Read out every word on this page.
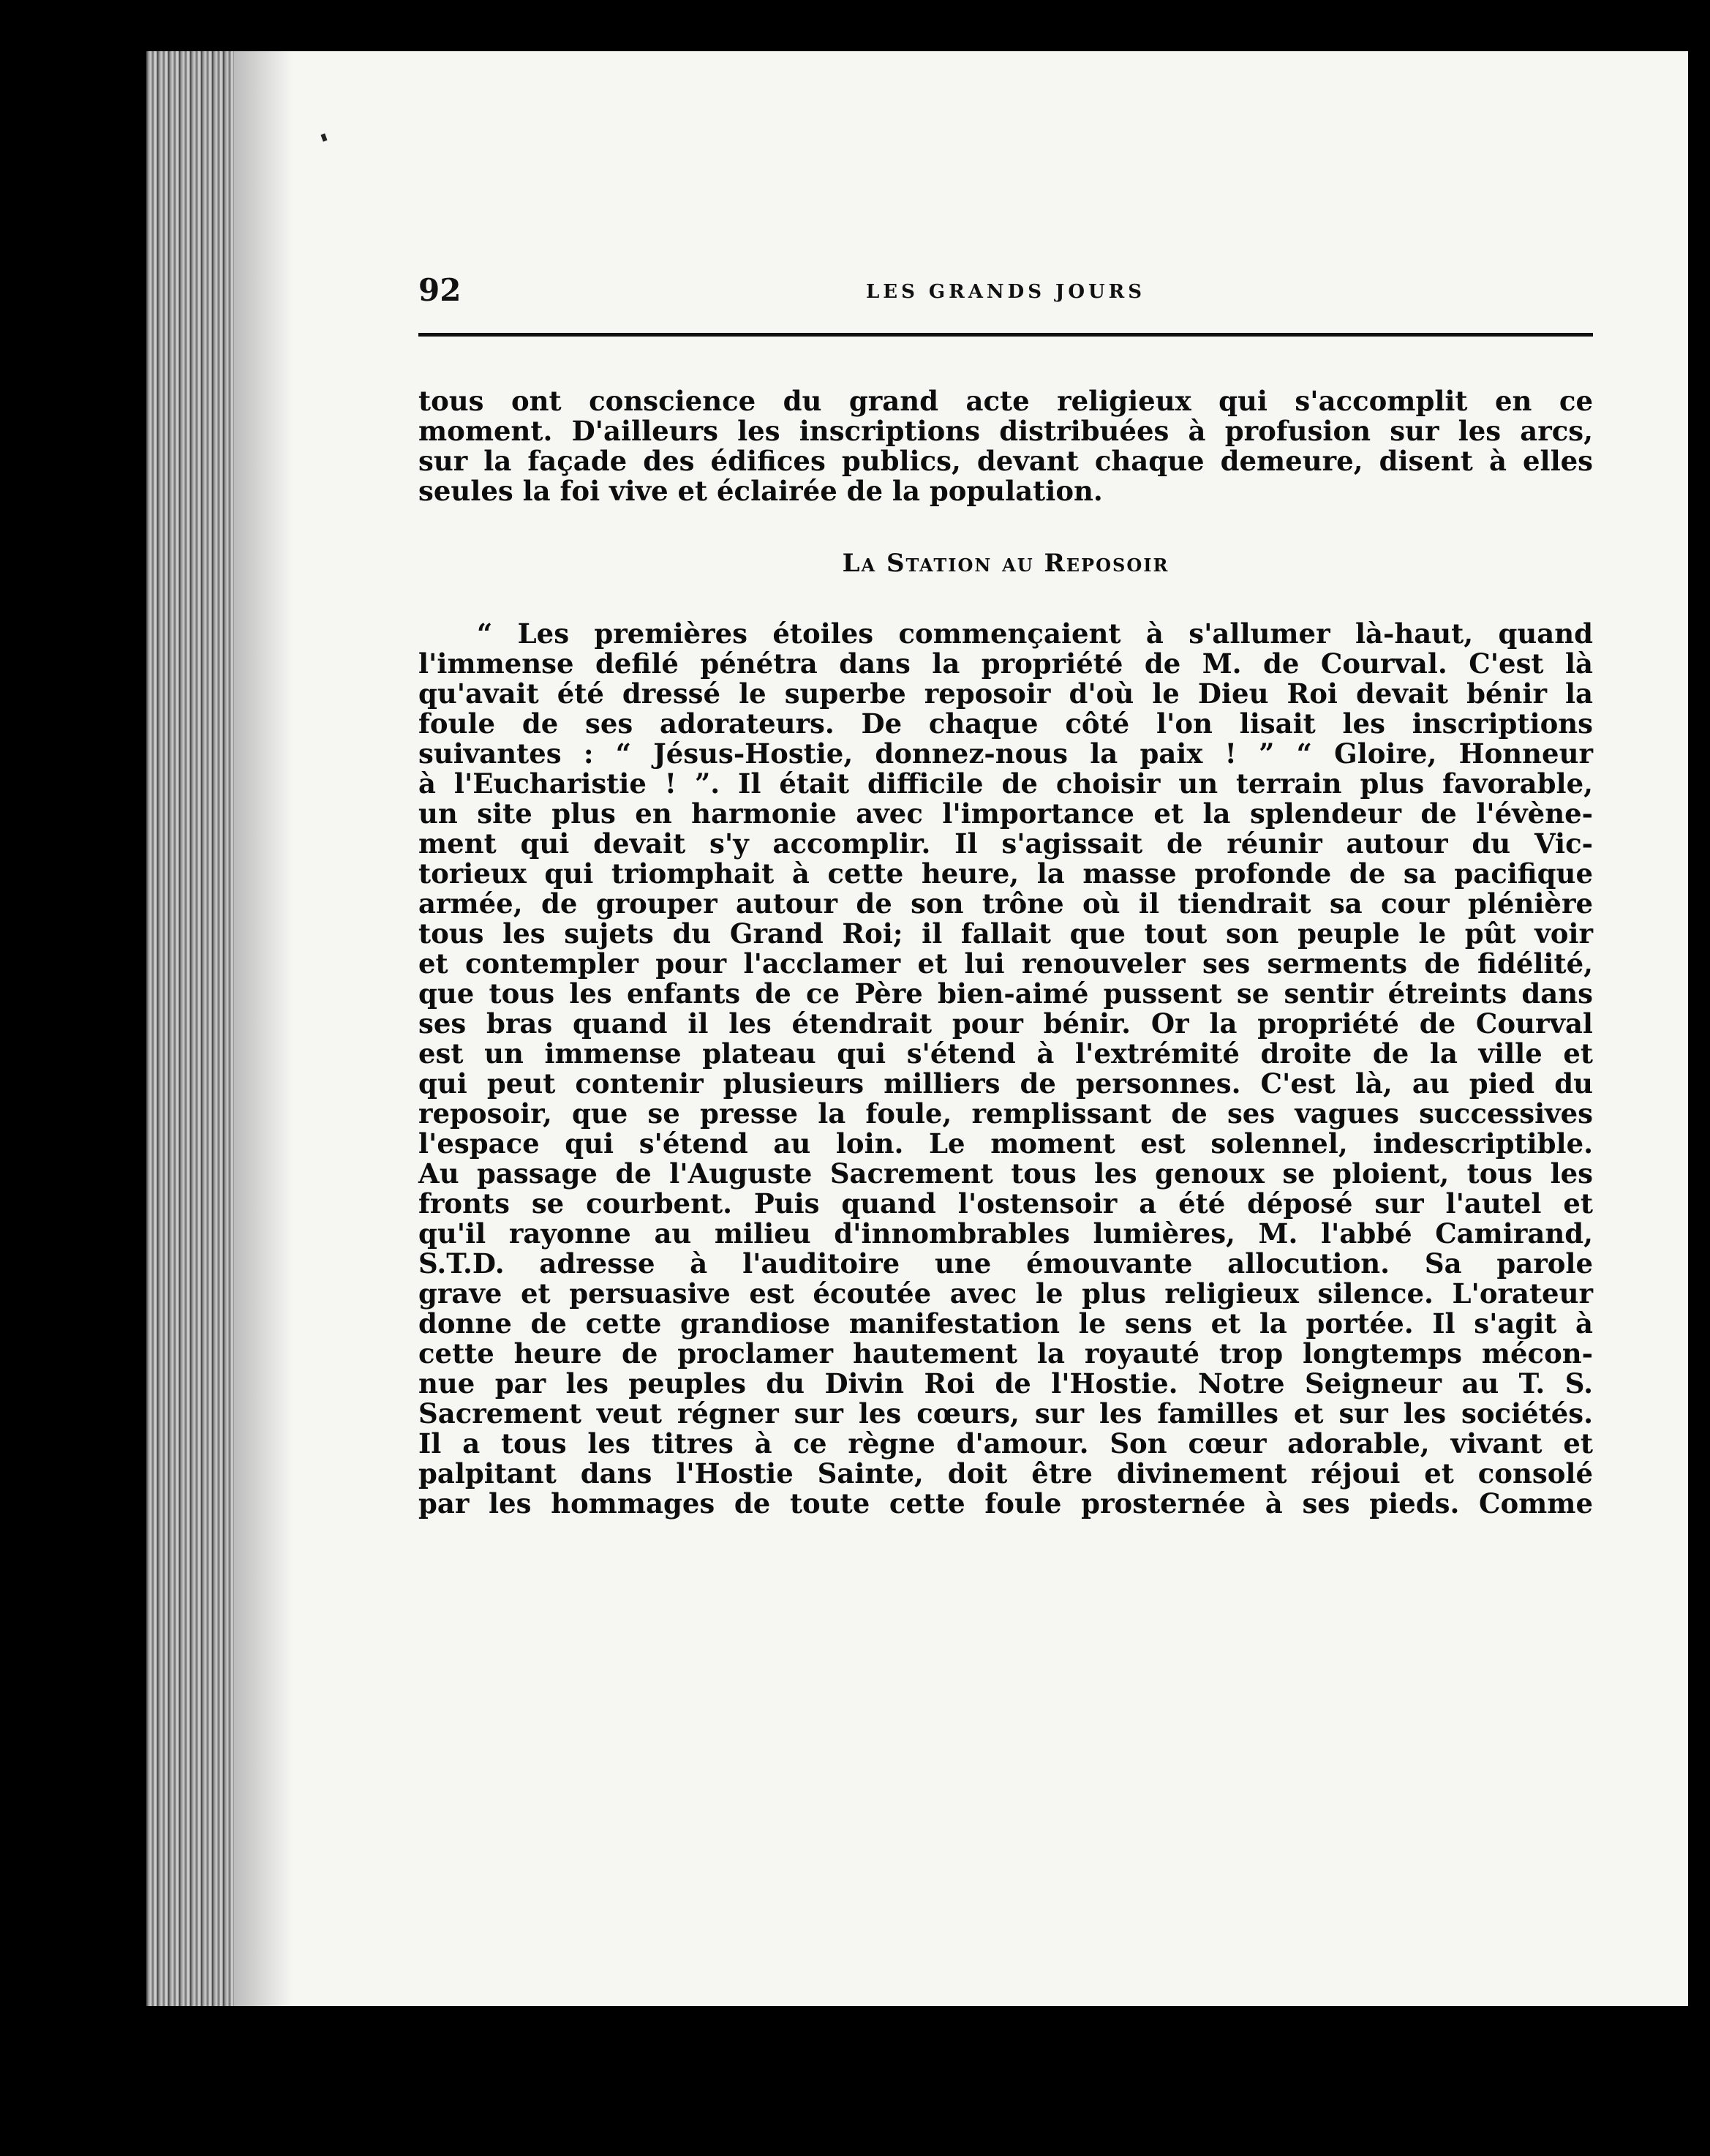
92	LES GRANDS JOURS
tous ont conscience du grand acte religieux qui s'accomplit en ce
moment. D'ailleurs les inscriptions distribuées à profusion sur les arcs,
sur la façade des édifices publics, devant chaque demeure, disent à elles
seules la foi vive et éclairée de la population.
La Station au Reposoir
“ Les premières étoiles commençaient à s'allumer là-haut, quand
l'immense defilé pénétra dans la propriété de M. de Courval. C'est là
qu'avait été dressé le superbe reposoir d'où le Dieu Roi devait bénir la
foule de ses adorateurs. De chaque côté l'on lisait les inscriptions
suivantes : “ Jésus-Hostie, donnez-nous la paix ! ” “ Gloire, Honneur
à l'Eucharistie ! ”. Il était difficile de choisir un terrain plus favorable,
un site plus en harmonie avec l'importance et la splendeur de l'évène-
ment qui devait s'y accomplir. Il s'agissait de réunir autour du Vic-
torieux qui triomphait à cette heure, la masse profonde de sa pacifique
armée, de grouper autour de son trône où il tiendrait sa cour plénière
tous les sujets du Grand Roi; il fallait que tout son peuple le pût voir
et contempler pour l'acclamer et lui renouveler ses serments de fidélité,
que tous les enfants de ce Père bien-aimé pussent se sentir étreints dans
ses bras quand il les étendrait pour bénir. Or la propriété de Courval
est un immense plateau qui s'étend à l'extrémité droite de la ville et
qui peut contenir plusieurs milliers de personnes. C'est là, au pied du
reposoir, que se presse la foule, remplissant de ses vagues successives
l'espace qui s'étend au loin. Le moment est solennel, indescriptible.
Au passage de l'Auguste Sacrement tous les genoux se ploient, tous les
fronts se courbent. Puis quand l'ostensoir a été déposé sur l'autel et
qu'il rayonne au milieu d'innombrables lumières, M. l'abbé Camirand,
S.T.D. adresse à l'auditoire une émouvante allocution. Sa parole
grave et persuasive est écoutée avec le plus religieux silence. L'orateur
donne de cette grandiose manifestation le sens et la portée. Il s'agit à
cette heure de proclamer hautement la royauté trop longtemps mécon-
nue par les peuples du Divin Roi de l'Hostie. Notre Seigneur au T. S.
Sacrement veut régner sur les cœurs, sur les familles et sur les sociétés.
Il a tous les titres à ce règne d'amour. Son cœur adorable, vivant et
palpitant dans l'Hostie Sainte, doit être divinement réjoui et consolé
par les hommages de toute cette foule prosternée à ses pieds. Comme
